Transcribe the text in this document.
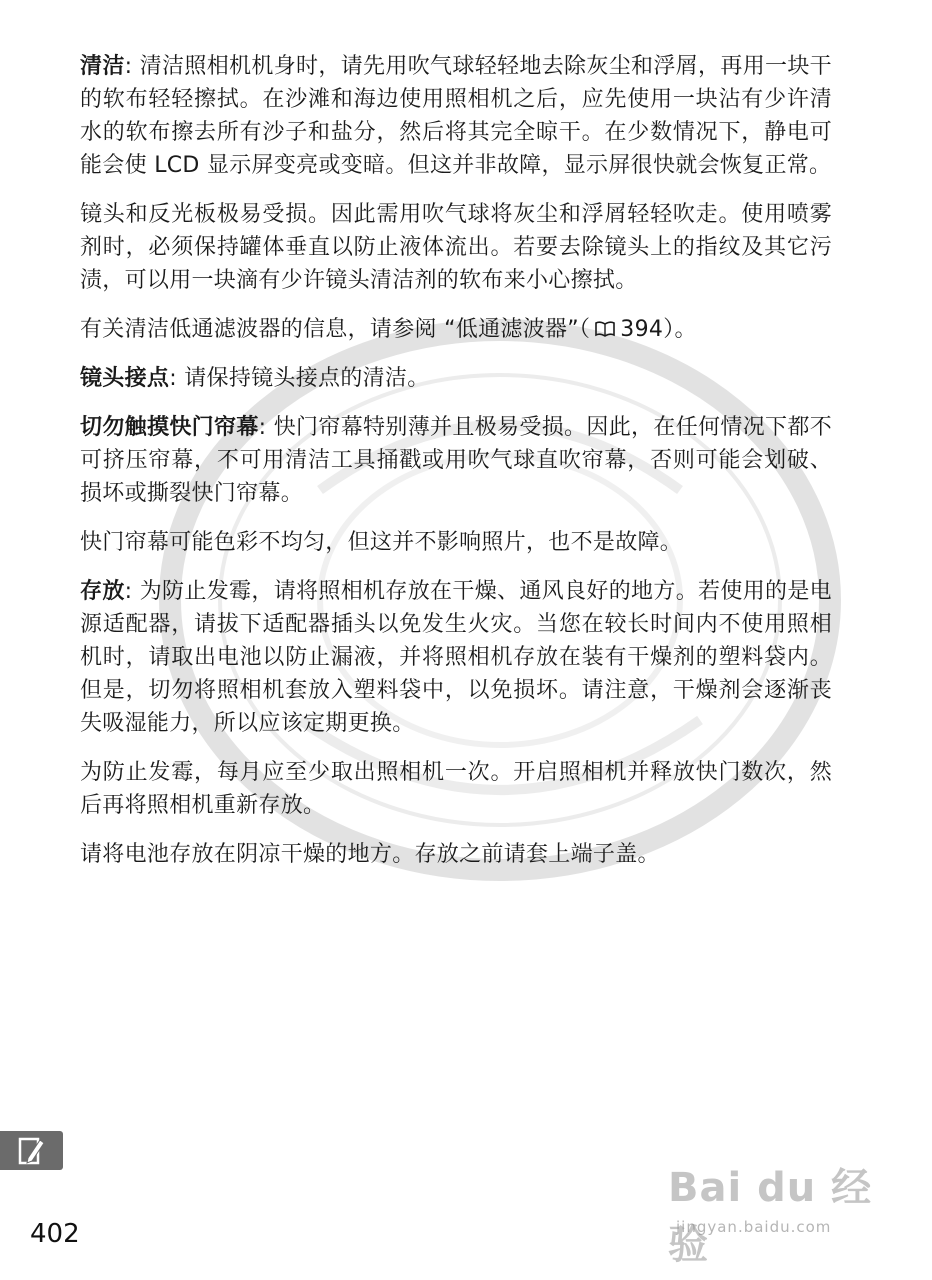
清洁: 清洁照相机机身时，请先用吹气球轻轻地去除灰尘和浮屑，再用一块干的软布轻轻擦拭。在沙滩和海边使用照相机之后，应先使用一块沾有少许清水的软布擦去所有沙子和盐分，然后将其完全晾干。在少数情况下，静电可能会使 LCD 显示屏变亮或变暗。但这并非故障，显示屏很快就会恢复正常。

镜头和反光板极易受损。因此需用吹气球将灰尘和浮屑轻轻吹走。使用喷雾剂时，必须保持罐体垂直以防止液体流出。若要去除镜头上的指纹及其它污渍，可以用一块滴有少许镜头清洁剂的软布来小心擦拭。

有关清洁低通滤波器的信息，请参阅 “低通滤波器”（ 394）。

镜头接点: 请保持镜头接点的清洁。

切勿触摸快门帘幕: 快门帘幕特别薄并且极易受损。因此，在任何情况下都不可挤压帘幕，不可用清洁工具捅戳或用吹气球直吹帘幕，否则可能会划破、损坏或撕裂快门帘幕。

快门帘幕可能色彩不均匀，但这并不影响照片，也不是故障。

存放: 为防止发霉，请将照相机存放在干燥、通风良好的地方。若使用的是电源适配器，请拔下适配器插头以免发生火灾。当您在较长时间内不使用照相机时，请取出电池以防止漏液，并将照相机存放在装有干燥剂的塑料袋内。但是，切勿将照相机套放入塑料袋中，以免损坏。请注意，干燥剂会逐渐丧失吸湿能力，所以应该定期更换。

为防止发霉，每月应至少取出照相机一次。开启照相机并释放快门数次，然后再将照相机重新存放。

请将电池存放在阴凉干燥的地方。存放之前请套上端子盖。

402
Bai du 经验
jingyan.baidu.com
